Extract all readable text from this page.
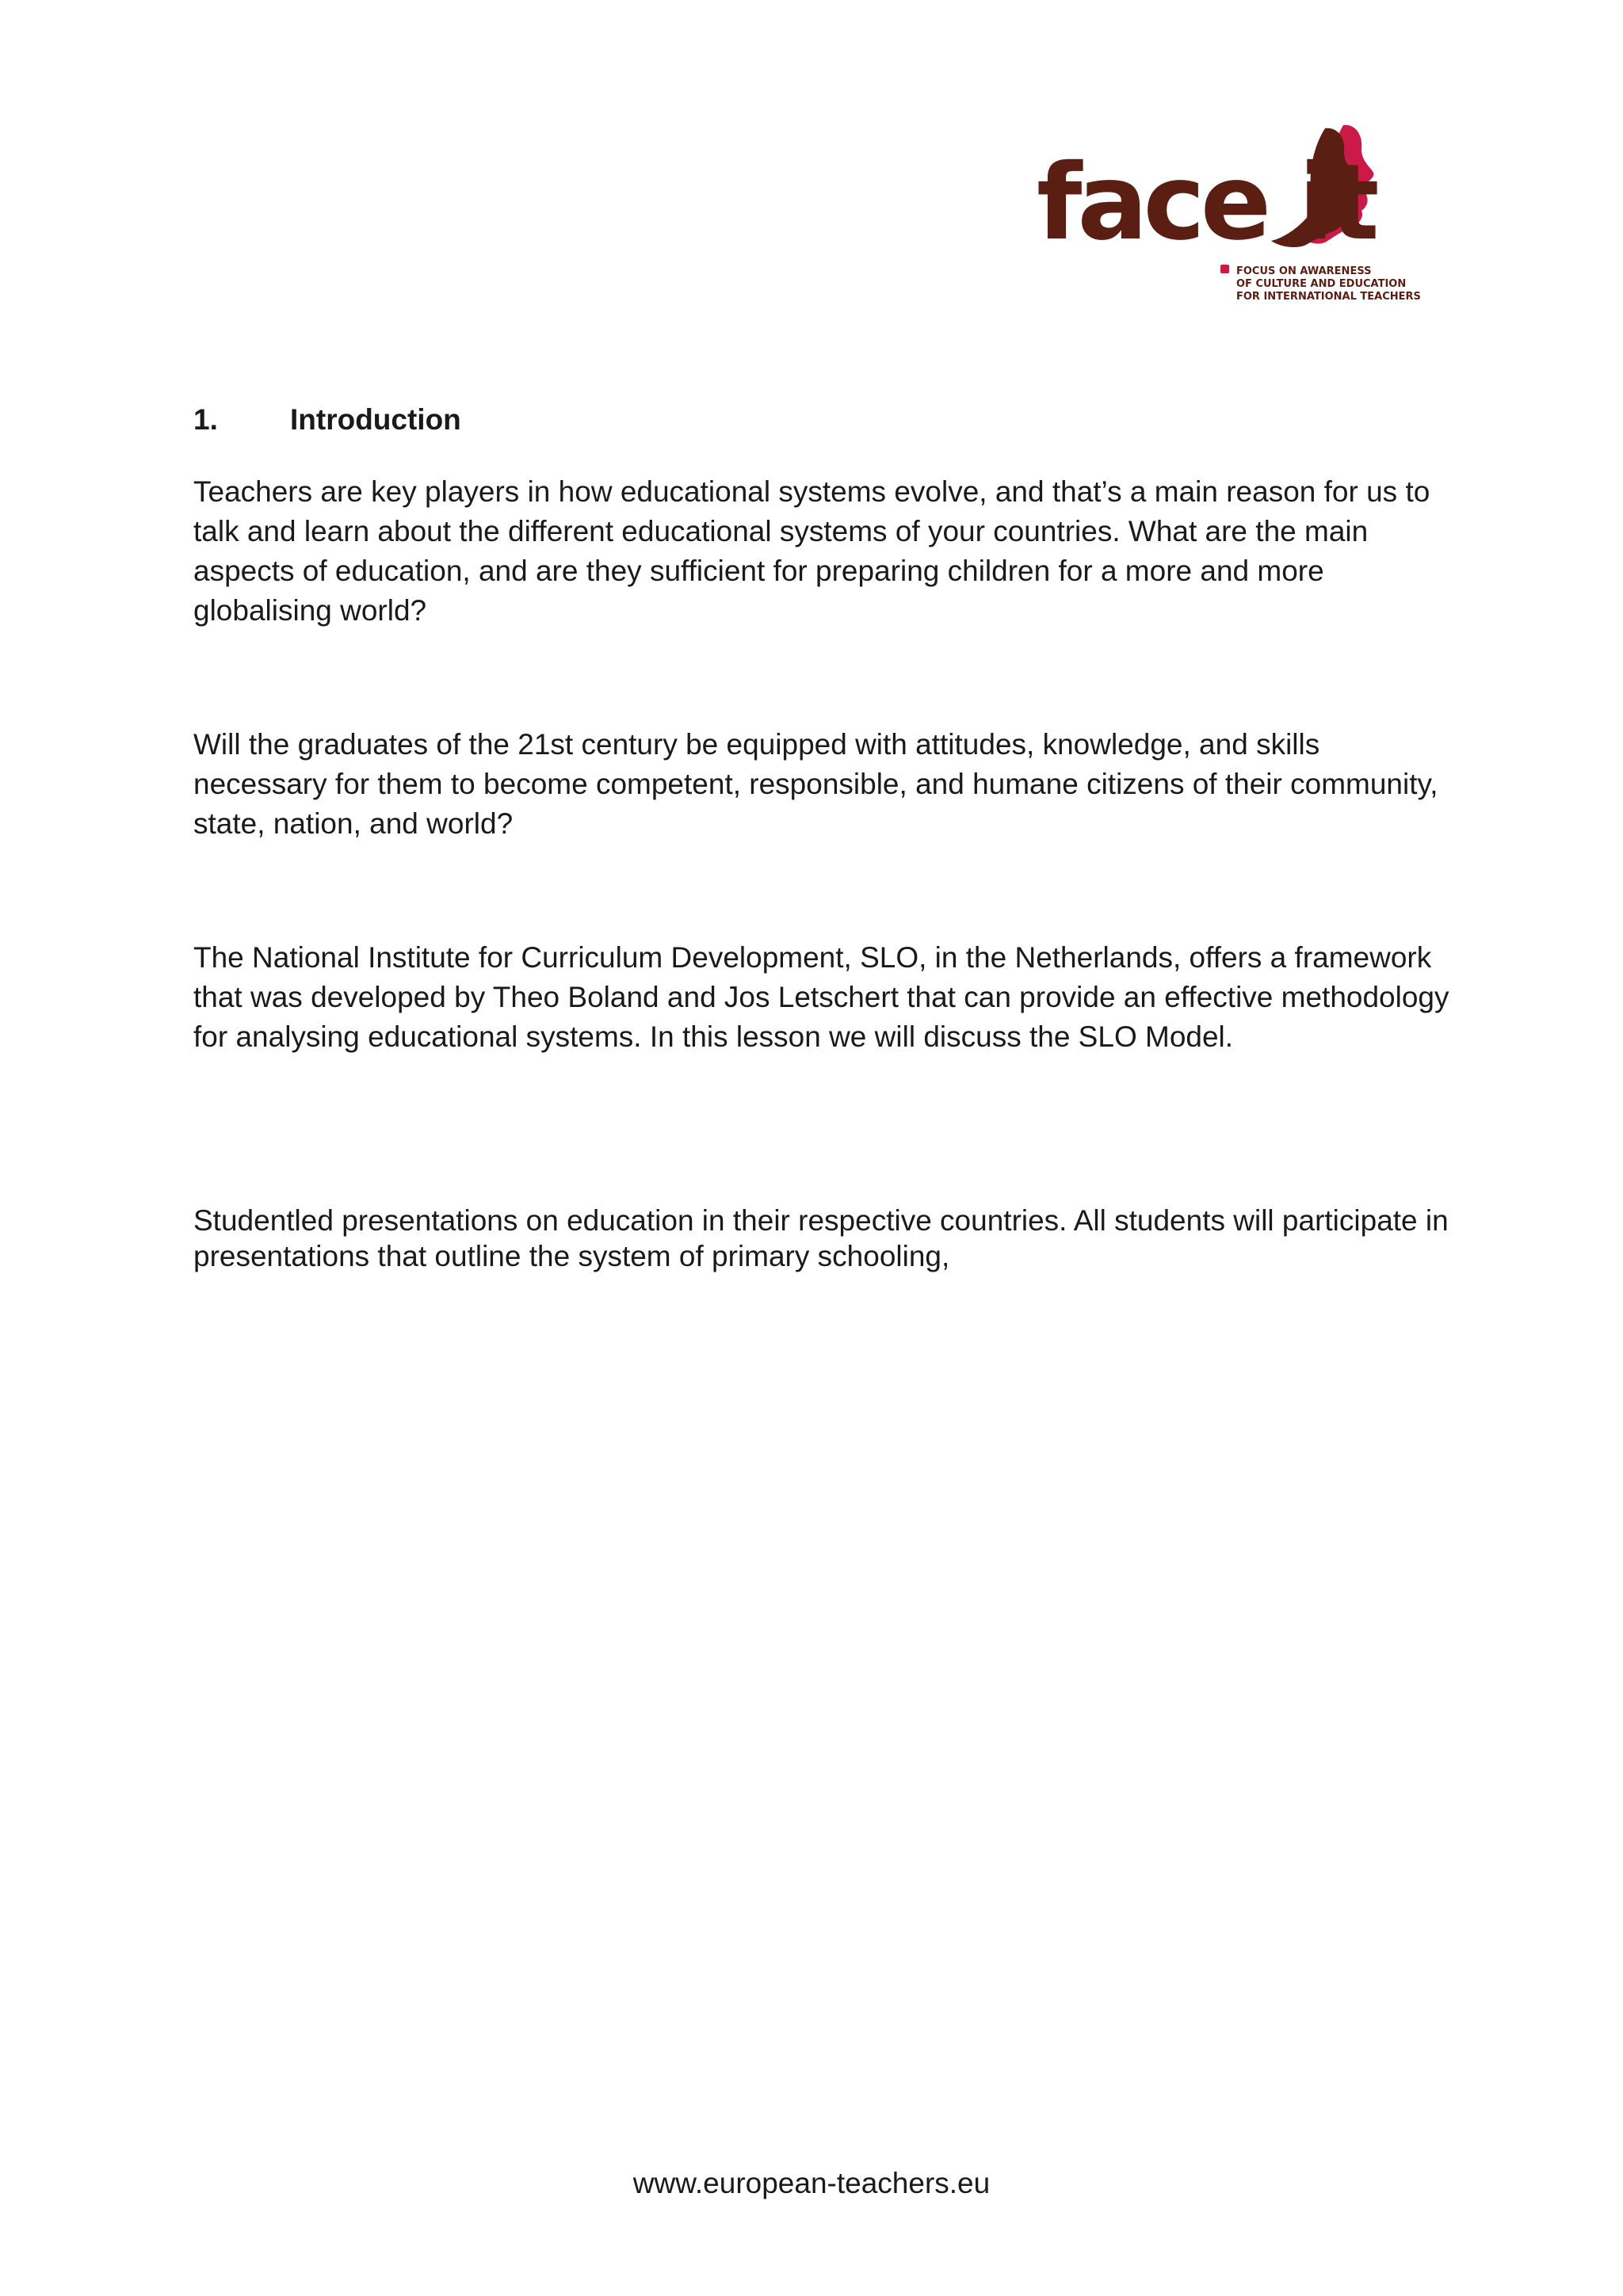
face it
FOCUS ON AWARENESS
OF CULTURE AND EDUCATION
FOR INTERNATIONAL TEACHERS
1.	Introduction

Teachers are key players in how educational systems evolve, and that’s a main reason for us to talk and learn about the different educational systems of your countries. What are the main aspects of education, and are they sufficient for preparing children for a more and more globalising world?

Will the graduates of the 21st century be equipped with attitudes, knowledge, and skills necessary for them to become competent, responsible, and humane citizens of their community, state, nation, and world?

The National Institute for Curriculum Development, SLO, in the Netherlands, offers a framework that was developed by Theo Boland and Jos Letschert that can provide an effective methodology for analysing educational systems. In this lesson we will discuss the SLO Model.

Studentled presentations on education in their respective countries. All students will participate in presentations that outline the system of primary schooling,

www.european-teachers.eu
